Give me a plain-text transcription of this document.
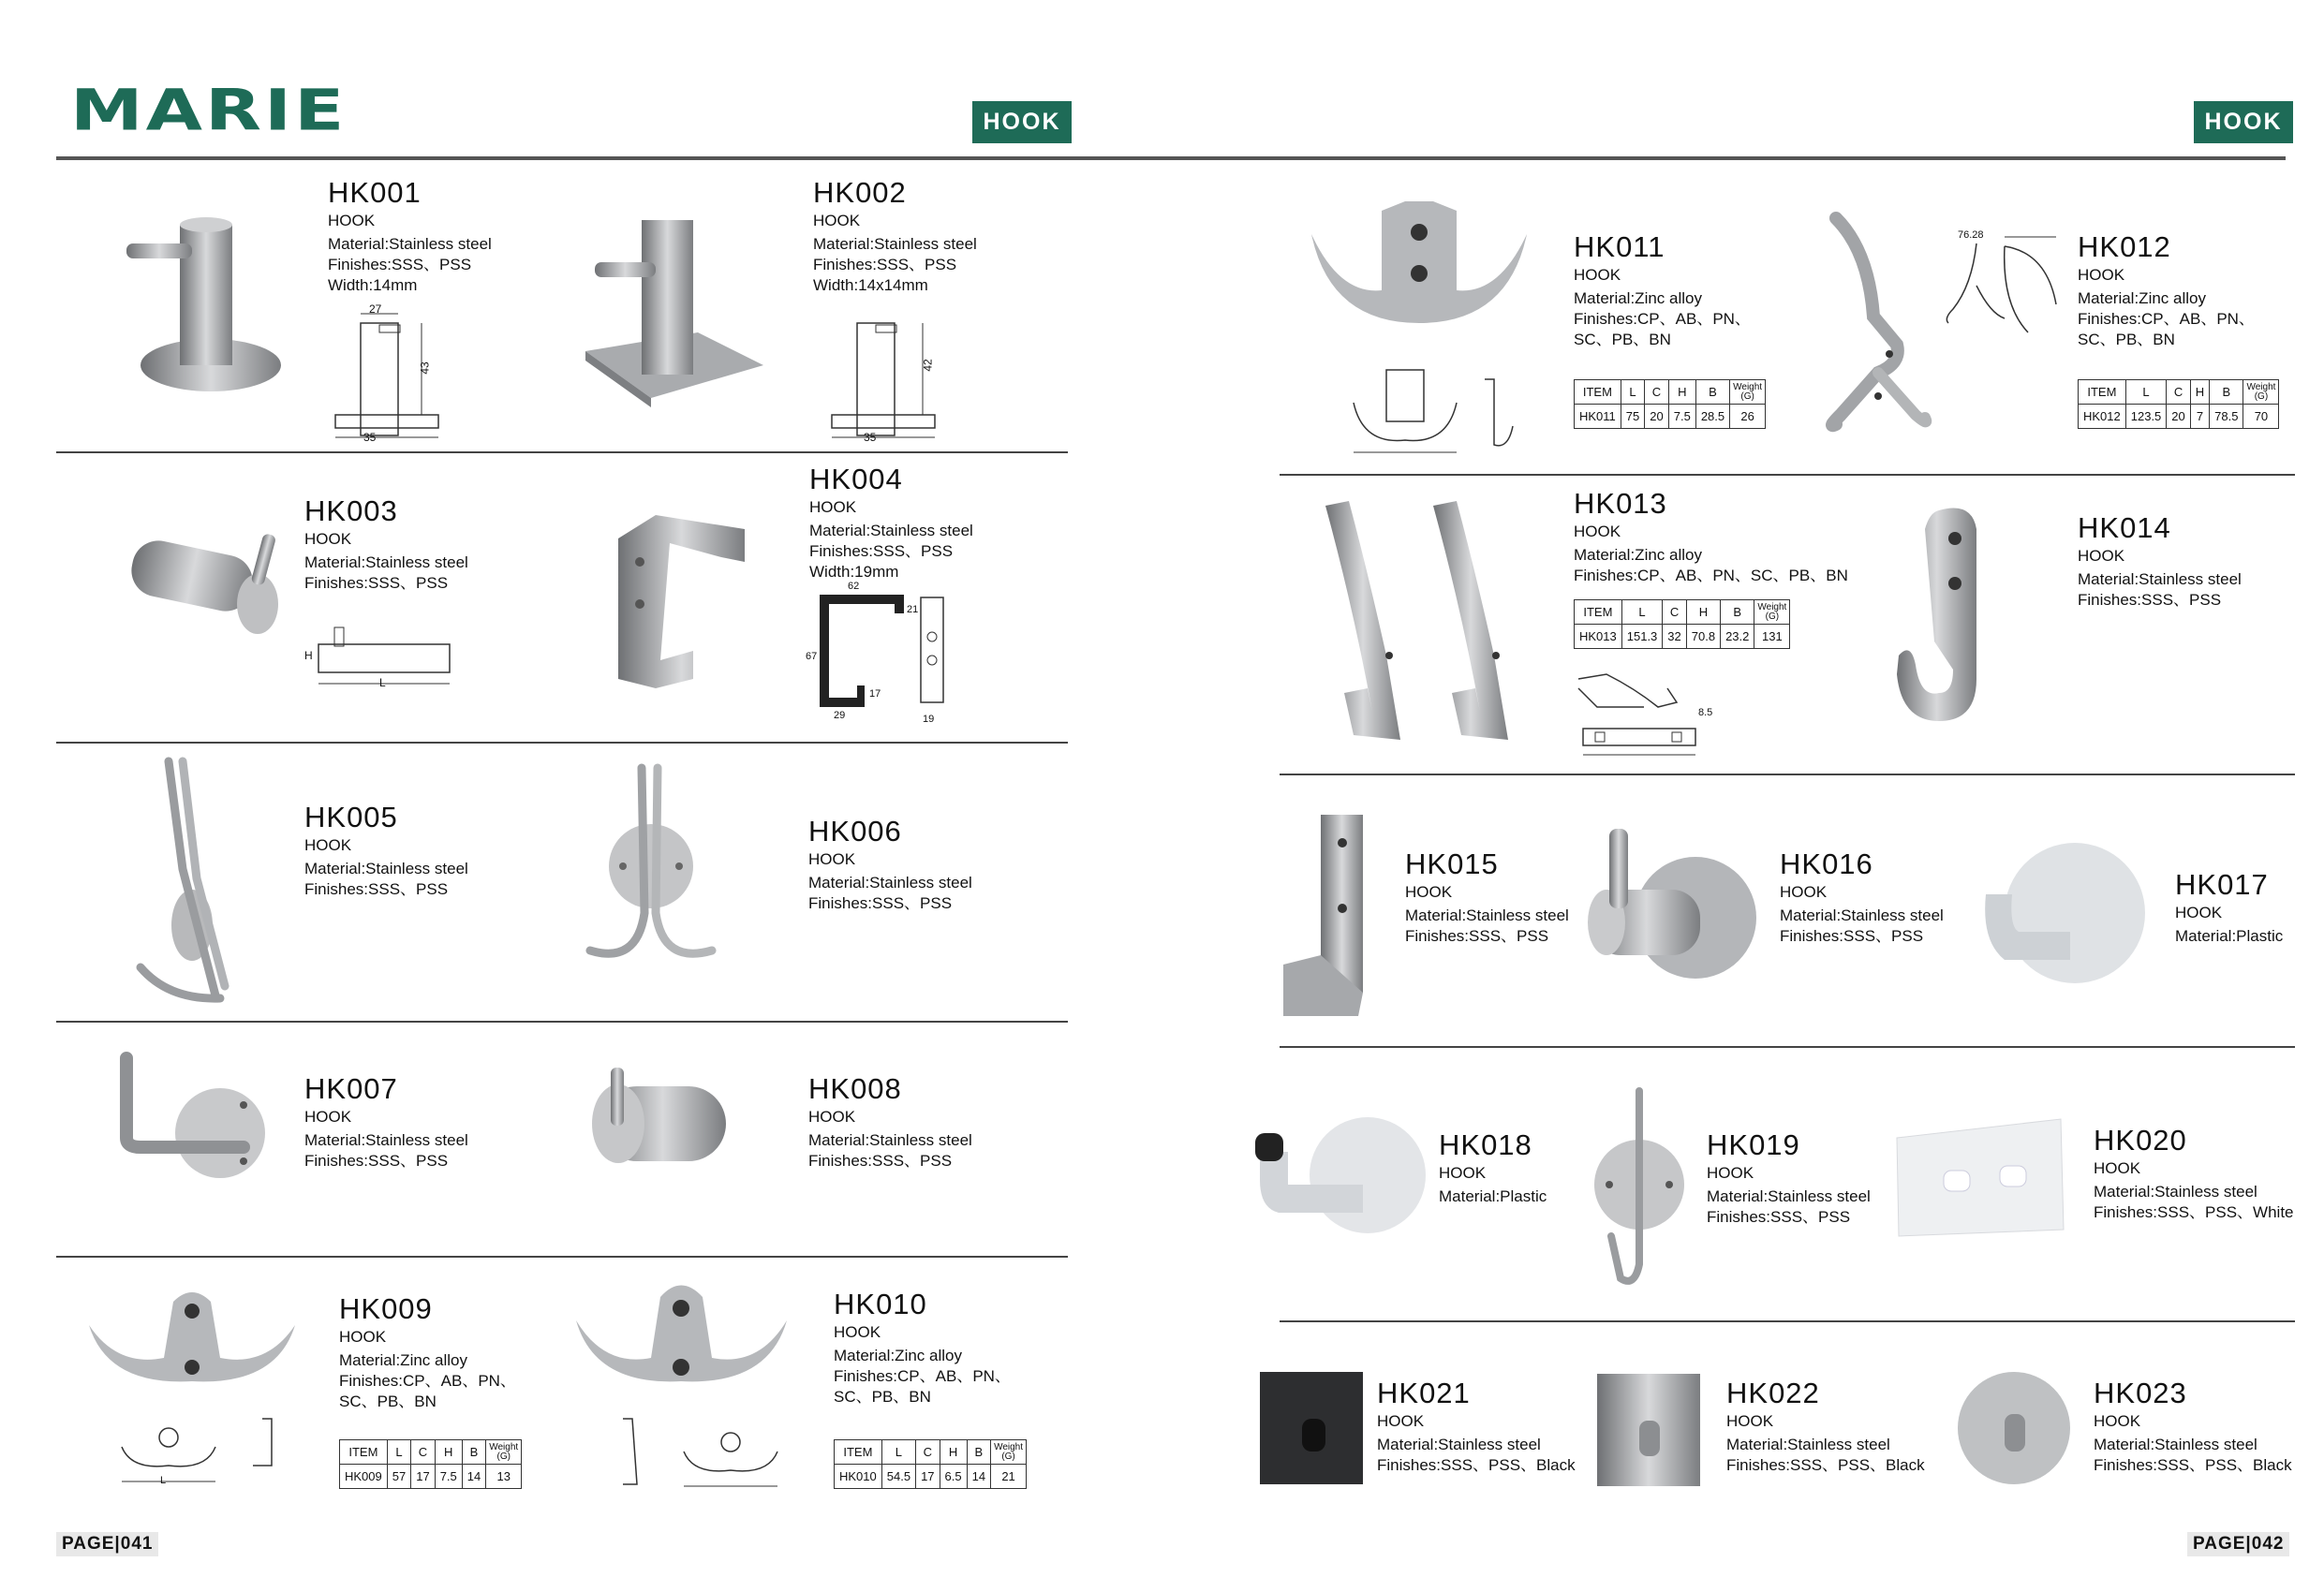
MARIE	HOOK	HOOK
27
43
35
HK001
HOOK
Material:Stainless steel
Finishes:SSS、PSS
Width:14mm
42
35
HK002
HOOK
Material:Stainless steel
Finishes:SSS、PSS
Width:14x14mm
H
L
HK003
HOOK
Material:Stainless steel
Finishes:SSS、PSS	62
21
67
17
29	19
HK004
HOOK
Material:Stainless steel
Finishes:SSS、PSS
Width:19mm
HK005
HOOK
Material:Stainless steel
Finishes:SSS、PSS
HK006
HOOK
Material:Stainless steel
Finishes:SSS、PSS
HK007
HOOK
Material:Stainless steel
Finishes:SSS、PSS
HK008
HOOK
Material:Stainless steel
Finishes:SSS、PSS
L
HK009
HOOK
Material:Zinc alloy
Finishes:CP、AB、PN、
SC、PB、BN
ITEM	L	C	H	B	Weight
(G)
HK009	57	17	7.5	14	13
HK010
HOOK
Material:Zinc alloy
Finishes:CP、AB、PN、
SC、PB、BN
ITEM	L	C	H	B	Weight
(G)
HK010	54.5	17	6.5	14	21
PAGE|041
HK011
HOOK
Material:Zinc alloy
Finishes:CP、AB、PN、
SC、PB、BN
ITEM	L	C	H	B	Weight
(G)
HK011	75	20	7.5	28.5	26
76.28	HK012
HOOK
Material:Zinc alloy
Finishes:CP、AB、PN、
SC、PB、BN
ITEM	L	C	H	B	Weight
(G)
HK012	123.5	20	7	78.5	70
8.5
HK013
HOOK
Material:Zinc alloy
Finishes:CP、AB、PN、SC、PB、BN
ITEM	L	C	H	B	Weight
(G)
HK013	151.3	32	70.8	23.2	131
HK014
HOOK
Material:Stainless steel
Finishes:SSS、PSS
HK015
HOOK
Material:Stainless steel
Finishes:SSS、PSS
HK016
HOOK
Material:Stainless steel
Finishes:SSS、PSS
HK017
HOOK
Material:Plastic
HK018
HOOK
Material:Plastic
HK019
HOOK
Material:Stainless steel
Finishes:SSS、PSS
HK020
HOOK
Material:Stainless steel
Finishes:SSS、PSS、White
HK021
HOOK
Material:Stainless steel
Finishes:SSS、PSS、Black
HK022
HOOK
Material:Stainless steel
Finishes:SSS、PSS、Black
HK023
HOOK
Material:Stainless steel
Finishes:SSS、PSS、Black
PAGE|042
